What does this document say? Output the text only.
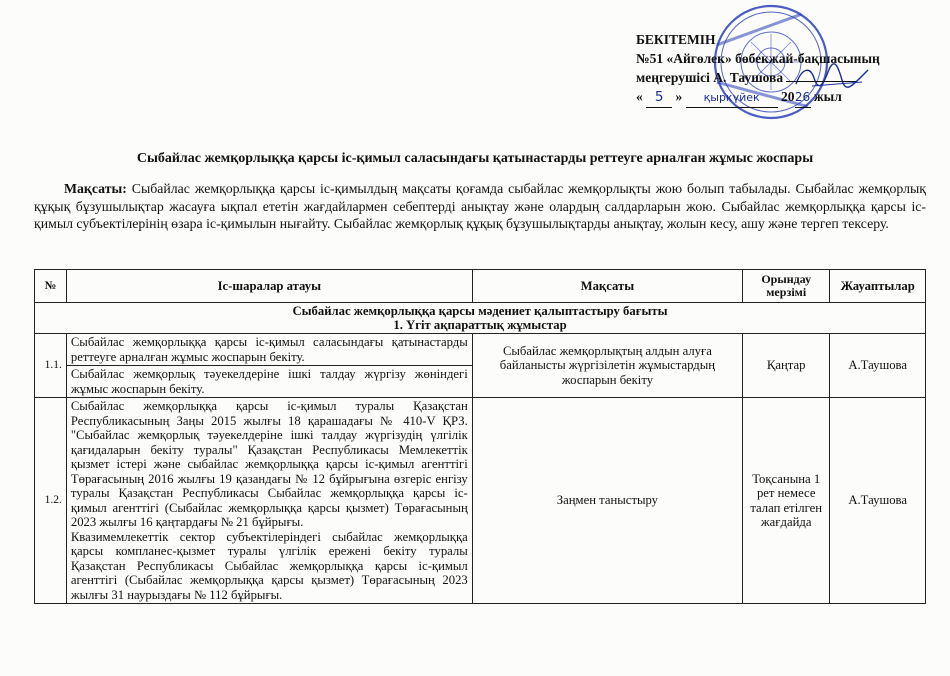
БЕКІТЕМІН
№51 «Айгөлек» бөбекжай-бақшасының
меңгерушісі А. Таушова
« 5 » қыркүйек 2026 жыл
Сыбайлас жемқорлыққа қарсы іс-қимыл саласындағы қатынастарды реттеуге арналған жұмыс жоспары
Мақсаты: Сыбайлас жемқорлыққа қарсы іс-қимылдың мақсаты қоғамда сыбайлас жемқорлықты жою болып табылады. Сыбайлас жемқорлық құқық бұзушылықтар жасауға ықпал ететін жағдайлармен себептерді анықтау және олардың салдарларын жою. Сыбайлас жемқорлыққа қарсы іс-қимыл субъектілерінің өзара іс-қимылын нығайту. Сыбайлас жемқорлық құқық бұзушылықтарды анықтау, жолын кесу, ашу және тергеп тексеру.
№	Іс-шаралар атауы	Мақсаты	Орындау мерзімі	Жауаптылар

Сыбайлас жемқорлыққа қарсы мәдениет қалыптастыру бағыты
1. Үгіт ақпараттық жұмыстар				

1.1.	Сыбайлас жемқорлыққа қарсы іс-қимыл саласындағы қатынастарды реттеуге арналған жұмыс жоспарын бекіту.	Сыбайлас жемқорлықтың алдын алуға байланысты жүргізілетін жұмыстардың жоспарын бекіту	Қаңтар	А.Таушова
	Сыбайлас жемқорлық тәуекелдеріне ішкі талдау жүргізу жөніндегі жұмыс жоспарын бекіту.			
1.2.	Сыбайлас жемқорлыққа қарсы іс-қимыл туралы Қазақстан Республикасының Заңы 2015 жылғы 18 қарашадағы № 410-V ҚРЗ. "Сыбайлас жемқорлық тәуекелдеріне ішкі талдау жүргізудің үлгілік қағидаларын бекіту туралы" Қазақстан Республикасы Мемлекеттік қызмет істері және сыбайлас жемқорлыққа қарсы іс-қимыл агенттігі Төрағасының 2016 жылғы 19 қазандағы № 12 бұйрығына өзгеріс енгізу туралы Қазақстан Республикасы Сыбайлас жемқорлыққа қарсы іс-қимыл агенттігі (Сыбайлас жемқорлыққа қарсы қызмет) Төрағасының 2023 жылғы 16 қаңтардағы № 21 бұйрығы.
Квазимемлекеттік сектор субъектілеріндегі сыбайлас жемқорлыққа қарсы компланес-қызмет туралы үлгілік ережені бекіту туралы Қазақстан Республикасы Сыбайлас жемқорлыққа қарсы іс-қимыл агенттігі (Сыбайлас жемқорлыққа қарсы қызмет) Төрағасының 2023 жылғы 31 наурыздағы № 112 бұйрығы.	Заңмен таныстыру	Тоқсанына 1 рет немесе талап етілген жағдайда	А.Таушова
